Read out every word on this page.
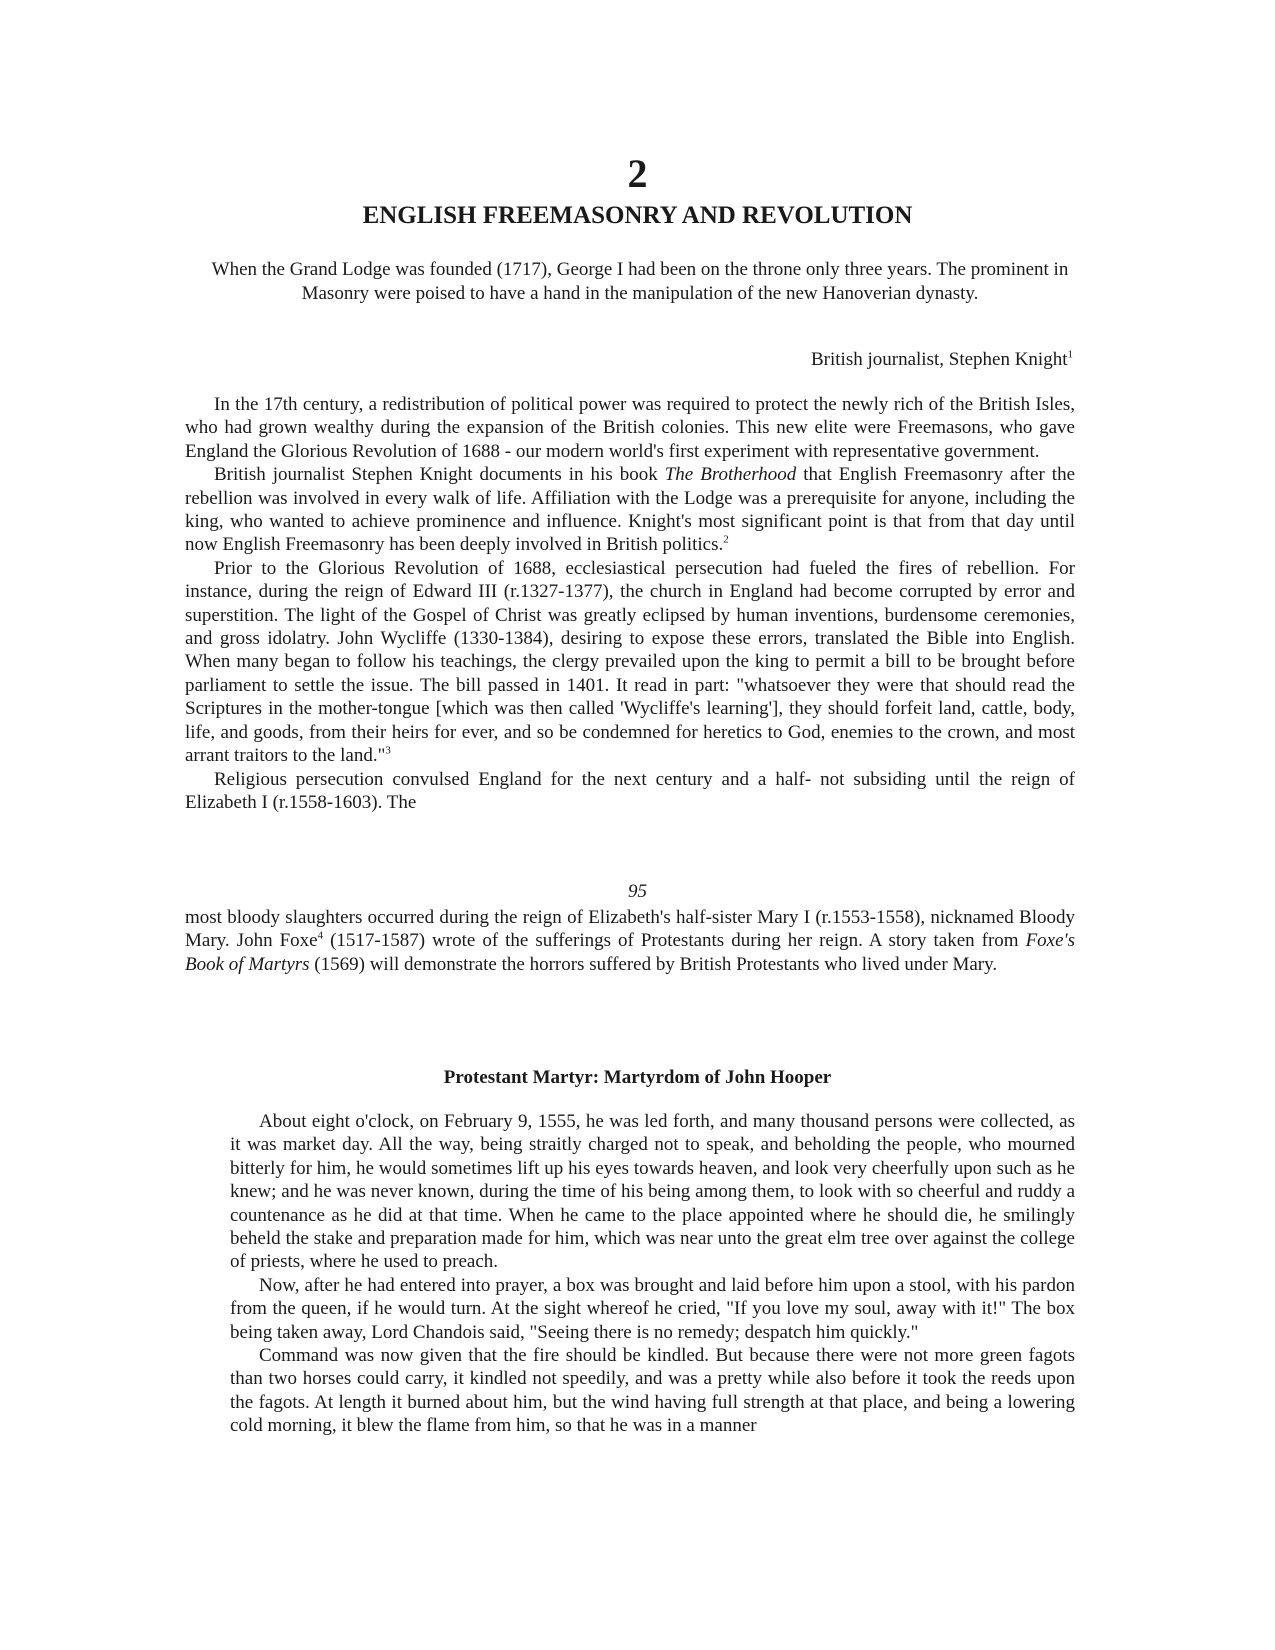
2
ENGLISH FREEMASONRY AND REVOLUTION
When the Grand Lodge was founded (1717), George I had been on the throne only three years. The prominent in Masonry were poised to have a hand in the manipulation of the new Hanoverian dynasty.
British journalist, Stephen Knight$^1$

In the 17th century, a redistribution of political power was required to protect the newly rich of the British Isles, who had grown wealthy during the expansion of the British colonies. This new elite were Freemasons, who gave England the Glorious Revolution of 1688 - our modern world's first experiment with representative government.

British journalist Stephen Knight documents in his book The Brotherhood that English Freemasonry after the rebellion was involved in every walk of life. Affiliation with the Lodge was a prerequisite for anyone, including the king, who wanted to achieve prominence and influence. Knight's most significant point is that from that day until now English Freemasonry has been deeply involved in British politics.$^2$

Prior to the Glorious Revolution of 1688, ecclesiastical persecution had fueled the fires of rebellion. For instance, during the reign of Edward III (r.1327-1377), the church in England had become corrupted by error and superstition. The light of the Gospel of Christ was greatly eclipsed by human inventions, burdensome ceremonies, and gross idolatry. John Wycliffe (1330-1384), desiring to expose these errors, translated the Bible into English. When many began to follow his teachings, the clergy prevailed upon the king to permit a bill to be brought before parliament to settle the issue. The bill passed in 1401. It read in part: "whatsoever they were that should read the Scriptures in the mother-tongue [which was then called 'Wycliffe's learning'], they should forfeit land, cattle, body, life, and goods, from their heirs for ever, and so be condemned for heretics to God, enemies to the crown, and most arrant traitors to the land."$^3$

Religious persecution convulsed England for the next century and a half- not subsiding until the reign of Elizabeth I (r.1558-1603). The

95

most bloody slaughters occurred during the reign of Elizabeth's half-sister Mary I (r.1553-1558), nicknamed Bloody Mary. John Foxe$^4$ (1517-1587) wrote of the sufferings of Protestants during her reign. A story taken from Foxe's Book of Martyrs (1569) will demonstrate the horrors suffered by British Protestants who lived under Mary.

Protestant Martyr: Martyrdom of John Hooper

About eight o'clock, on February 9, 1555, he was led forth, and many thousand persons were collected, as it was market day. All the way, being straitly charged not to speak, and beholding the people, who mourned bitterly for him, he would sometimes lift up his eyes towards heaven, and look very cheerfully upon such as he knew; and he was never known, during the time of his being among them, to look with so cheerful and ruddy a countenance as he did at that time. When he came to the place appointed where he should die, he smilingly beheld the stake and preparation made for him, which was near unto the great elm tree over against the college of priests, where he used to preach.

Now, after he had entered into prayer, a box was brought and laid before him upon a stool, with his pardon from the queen, if he would turn. At the sight whereof he cried, "If you love my soul, away with it!" The box being taken away, Lord Chandois said, "Seeing there is no remedy; despatch him quickly."

Command was now given that the fire should be kindled. But because there were not more green fagots than two horses could carry, it kindled not speedily, and was a pretty while also before it took the reeds upon the fagots. At length it burned about him, but the wind having full strength at that place, and being a lowering cold morning, it blew the flame from him, so that he was in a manner
